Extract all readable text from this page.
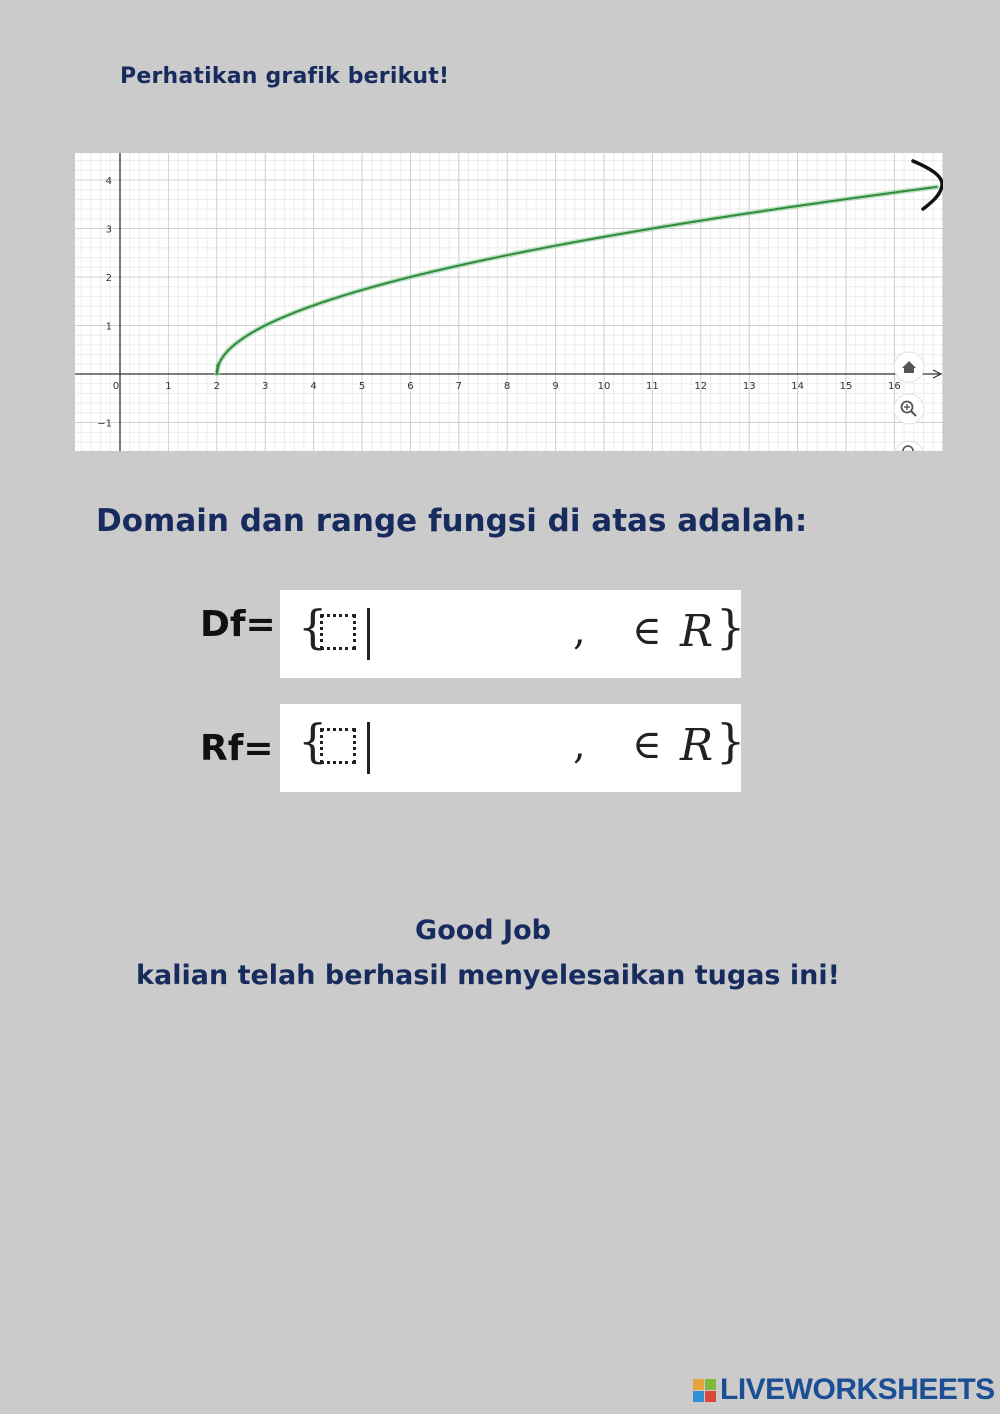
Perhatikan grafik berikut!
0	1	2	3	4	5	6	7	8	9	10	11	12	13	14	15	16
4
3
2
1
−1
f
Domain dan range fungsi di atas adalah:
Df= {	, ∈ R }
Rf= {	, ∈ R }
Good Job
kalian telah berhasil menyelesaikan tugas ini!
LIVEWORKSHEETS
